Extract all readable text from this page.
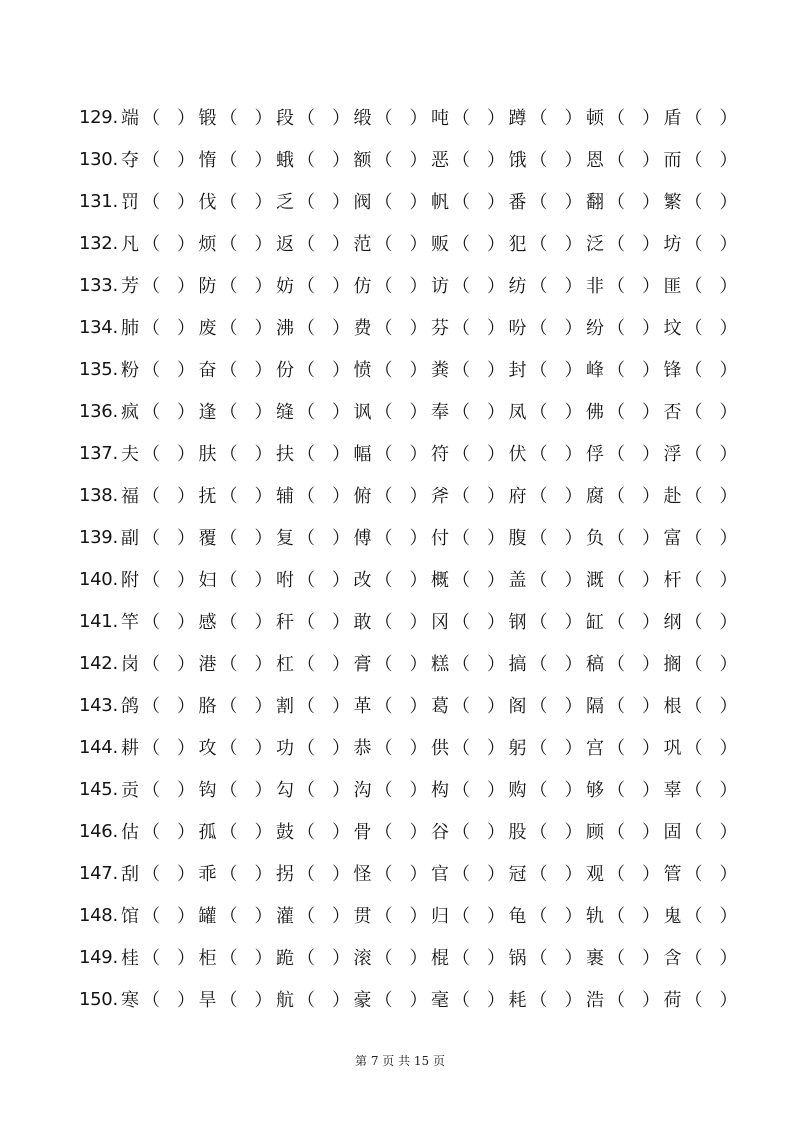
129. 端 （ ） 锻 （ ） 段 （ ） 缎 （ ） 吨 （ ） 蹲 （ ） 顿 （ ） 盾 （ ）
130. 夺 （ ） 惰 （ ） 蛾 （ ） 额 （ ） 恶 （ ） 饿 （ ） 恩 （ ） 而 （ ）
131. 罚 （ ） 伐 （ ） 乏 （ ） 阀 （ ） 帆 （ ） 番 （ ） 翻 （ ） 繁 （ ）
132. 凡 （ ） 烦 （ ） 返 （ ） 范 （ ） 贩 （ ） 犯 （ ） 泛 （ ） 坊 （ ）
133. 芳 （ ） 防 （ ） 妨 （ ） 仿 （ ） 访 （ ） 纺 （ ） 非 （ ） 匪 （ ）
134. 肺 （ ） 废 （ ） 沸 （ ） 费 （ ） 芬 （ ） 吩 （ ） 纷 （ ） 坟 （ ）
135. 粉 （ ） 奋 （ ） 份 （ ） 愤 （ ） 粪 （ ） 封 （ ） 峰 （ ） 锋 （ ）
136. 疯 （ ） 逢 （ ） 缝 （ ） 讽 （ ） 奉 （ ） 凤 （ ） 佛 （ ） 否 （ ）
137. 夫 （ ） 肤 （ ） 扶 （ ） 幅 （ ） 符 （ ） 伏 （ ） 俘 （ ） 浮 （ ）
138. 福 （ ） 抚 （ ） 辅 （ ） 俯 （ ） 斧 （ ） 府 （ ） 腐 （ ） 赴 （ ）
139. 副 （ ） 覆 （ ） 复 （ ） 傅 （ ） 付 （ ） 腹 （ ） 负 （ ） 富 （ ）
140. 附 （ ） 妇 （ ） 咐 （ ） 改 （ ） 概 （ ） 盖 （ ） 溉 （ ） 杆 （ ）
141. 竿 （ ） 感 （ ） 秆 （ ） 敢 （ ） 冈 （ ） 钢 （ ） 缸 （ ） 纲 （ ）
142. 岗 （ ） 港 （ ） 杠 （ ） 膏 （ ） 糕 （ ） 搞 （ ） 稿 （ ） 搁 （ ）
143. 鸽 （ ） 胳 （ ） 割 （ ） 革 （ ） 葛 （ ） 阁 （ ） 隔 （ ） 根 （ ）
144. 耕 （ ） 攻 （ ） 功 （ ） 恭 （ ） 供 （ ） 躬 （ ） 宫 （ ） 巩 （ ）
145. 贡 （ ） 钩 （ ） 勾 （ ） 沟 （ ） 构 （ ） 购 （ ） 够 （ ） 辜 （ ）
146. 估 （ ） 孤 （ ） 鼓 （ ） 骨 （ ） 谷 （ ） 股 （ ） 顾 （ ） 固 （ ）
147. 刮 （ ） 乖 （ ） 拐 （ ） 怪 （ ） 官 （ ） 冠 （ ） 观 （ ） 管 （ ）
148. 馆 （ ） 罐 （ ） 灌 （ ） 贯 （ ） 归 （ ） 龟 （ ） 轨 （ ） 鬼 （ ）
149. 桂 （ ） 柜 （ ） 跪 （ ） 滚 （ ） 棍 （ ） 锅 （ ） 裹 （ ） 含 （ ）
150. 寒 （ ） 旱 （ ） 航 （ ） 豪 （ ） 毫 （ ） 耗 （ ） 浩 （ ） 荷 （ ）
第 7 页 共 15 页
